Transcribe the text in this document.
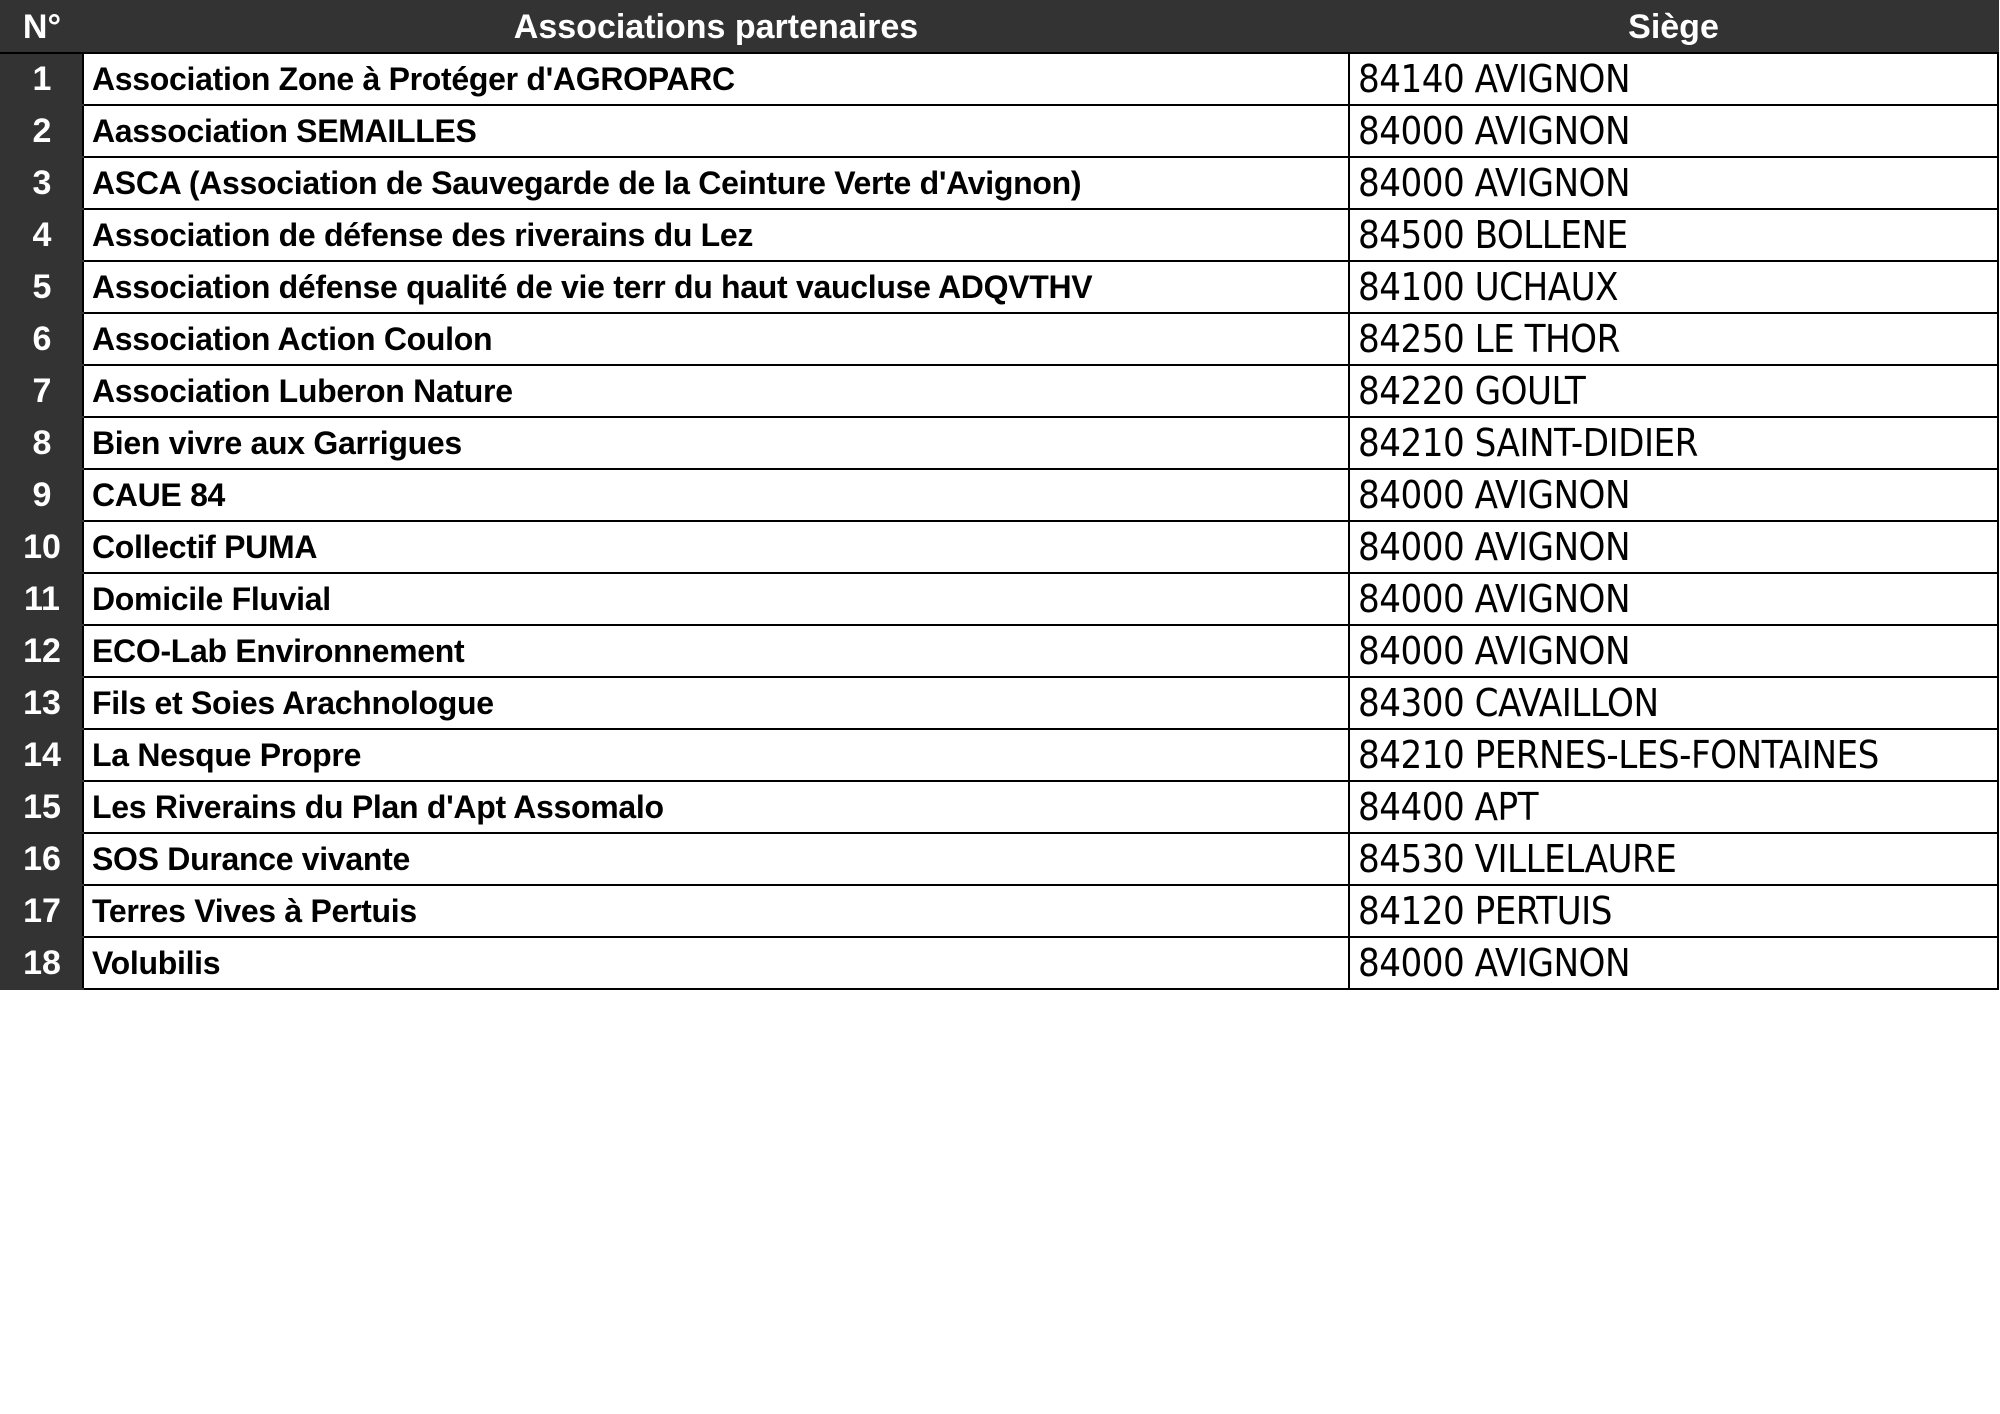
N°	Associations partenaires	Siège
1	Association Zone à Protéger d'AGROPARC	84140 AVIGNON
2	Aassociation SEMAILLES	84000 AVIGNON
3	ASCA (Association de Sauvegarde de la Ceinture Verte d'Avignon)	84000 AVIGNON
4	Association de défense des riverains du Lez	84500 BOLLENE
5	Association défense qualité de vie terr du haut vaucluse ADQVTHV	84100 UCHAUX
6	Association Action Coulon	84250 LE THOR
7	Association Luberon Nature	84220 GOULT
8	Bien vivre aux Garrigues	84210 SAINT-DIDIER
9	CAUE 84	84000 AVIGNON
10	Collectif PUMA	84000 AVIGNON
11	Domicile Fluvial	84000 AVIGNON
12	ECO-Lab Environnement	84000 AVIGNON
13	Fils et Soies Arachnologue	84300 CAVAILLON
14	La Nesque Propre	84210 PERNES-LES-FONTAINES
15	Les Riverains du Plan d'Apt Assomalo	84400 APT
16	SOS Durance vivante	84530 VILLELAURE
17	Terres Vives à Pertuis	84120 PERTUIS
18	Volubilis	84000 AVIGNON
